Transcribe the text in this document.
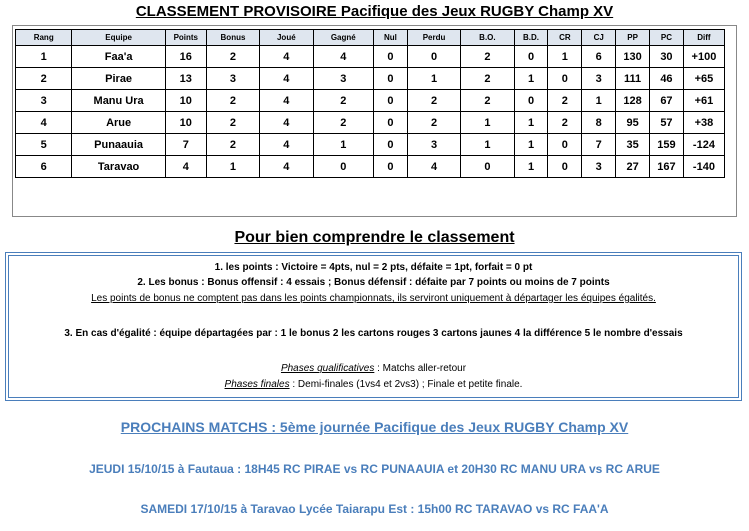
CLASSEMENT PROVISOIRE Pacifique des Jeux RUGBY Champ XV
Rang	Equipe	Points	Bonus	Joué	Gagné	Nul	Perdu	B.O.	B.D.	CR	CJ	PP	PC	Diff
1	Faa'a	16	2	4	4	0	0	2	0	1	6	130	30	+100
2	Pirae	13	3	4	3	0	1	2	1	0	3	111	46	+65
3	Manu Ura	10	2	4	2	0	2	2	0	2	1	128	67	+61
4	Arue	10	2	4	2	0	2	1	1	2	8	95	57	+38
5	Punaauia	7	2	4	1	0	3	1	1	0	7	35	159	-124
6	Taravao	4	1	4	0	0	4	0	1	0	3	27	167	-140
Pour bien comprendre le classement
1. les points : Victoire = 4pts, nul = 2 pts, défaite = 1pt, forfait = 0 pt
2. Les bonus : Bonus offensif : 4 essais ; Bonus défensif : défaite par 7 points ou moins de 7 points
Les points de bonus ne comptent pas dans les points championnats, ils serviront uniquement à départager les équipes égalités.
3. En cas d'égalité : équipe départagées par : 1 le bonus 2 les cartons rouges 3 cartons jaunes 4 la différence 5 le nombre d'essais
Phases qualificatives : Matchs aller-retour
Phases finales : Demi-finales (1vs4 et 2vs3) ; Finale et petite finale.
PROCHAINS MATCHS : 5ème journée Pacifique des Jeux RUGBY Champ XV
JEUDI 15/10/15 à Fautaua : 18H45 RC PIRAE vs RC PUNAAUIA et 20H30 RC MANU URA vs RC ARUE
SAMEDI 17/10/15 à Taravao Lycée Taiarapu Est : 15h00 RC TARAVAO vs RC FAA'A
